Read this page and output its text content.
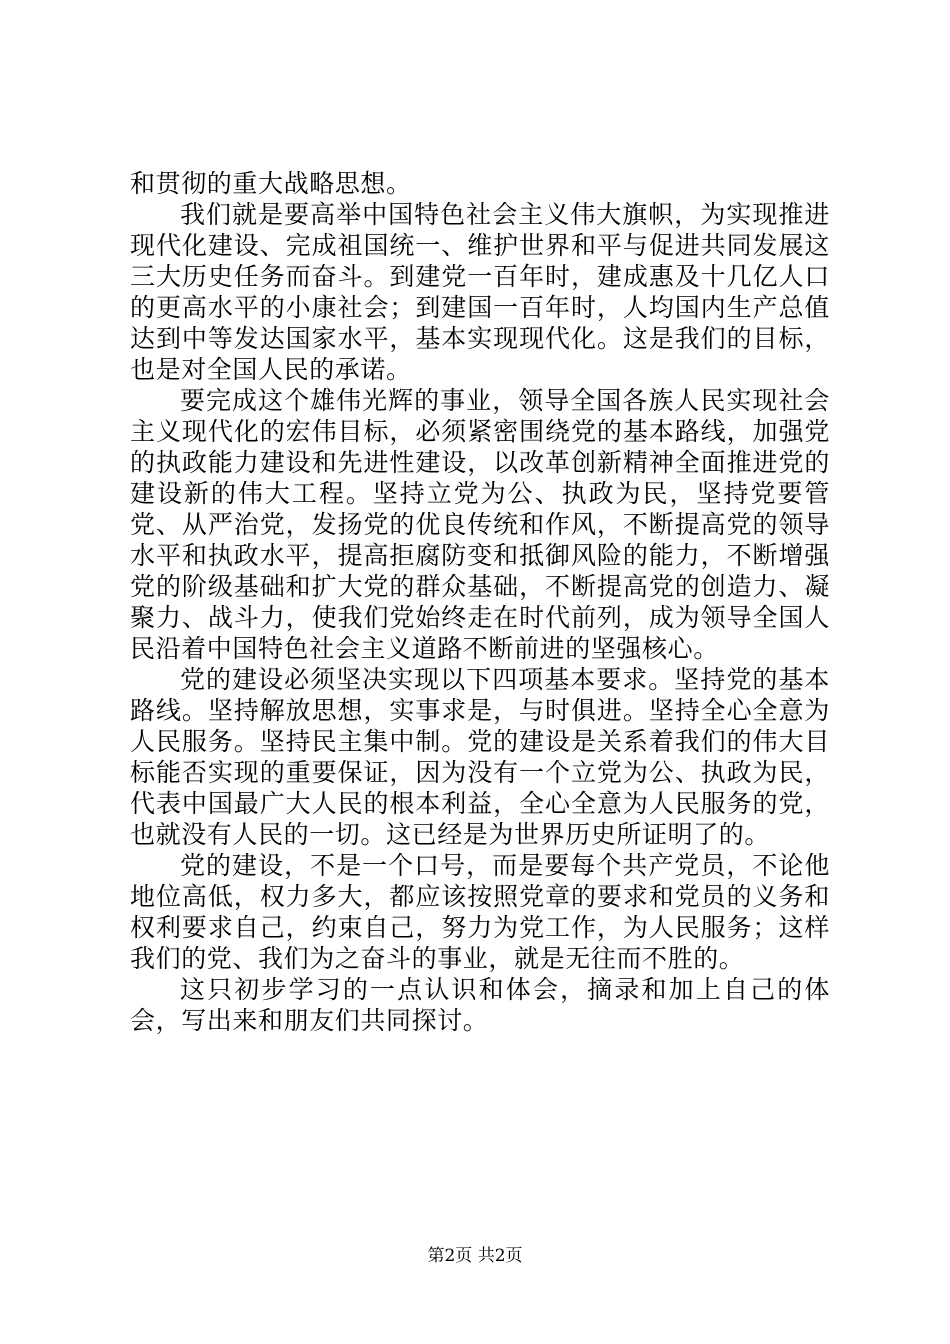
和贯彻的重大战略思想。

我们就是要高举中国特色社会主义伟大旗帜，为实现推进现代化建设、完成祖国统一、维护世界和平与促进共同发展这三大历史任务而奋斗。到建党一百年时，建成惠及十几亿人口的更高水平的小康社会；到建国一百年时，人均国内生产总值达到中等发达国家水平，基本实现现代化。这是我们的目标，也是对全国人民的承诺。

要完成这个雄伟光辉的事业，领导全国各族人民实现社会主义现代化的宏伟目标，必须紧密围绕党的基本路线，加强党的执政能力建设和先进性建设，以改革创新精神全面推进党的建设新的伟大工程。坚持立党为公、执政为民，坚持党要管党、从严治党，发扬党的优良传统和作风，不断提高党的领导水平和执政水平，提高拒腐防变和抵御风险的能力，不断增强党的阶级基础和扩大党的群众基础，不断提高党的创造力、凝聚力、战斗力，使我们党始终走在时代前列，成为领导全国人民沿着中国特色社会主义道路不断前进的坚强核心。

党的建设必须坚决实现以下四项基本要求。坚持党的基本路线。坚持解放思想，实事求是，与时俱进。坚持全心全意为人民服务。坚持民主集中制。党的建设是关系着我们的伟大目标能否实现的重要保证，因为没有一个立党为公、执政为民，代表中国最广大人民的根本利益，全心全意为人民服务的党，也就没有人民的一切。这已经是为世界历史所证明了的。

党的建设，不是一个口号，而是要每个共产党员，不论他地位高低，权力多大，都应该按照党章的要求和党员的义务和权利要求自己，约束自己，努力为党工作，为人民服务；这样我们的党、我们为之奋斗的事业，就是无往而不胜的。

这只初步学习的一点认识和体会，摘录和加上自己的体会，写出来和朋友们共同探讨。

第2页 共2页
